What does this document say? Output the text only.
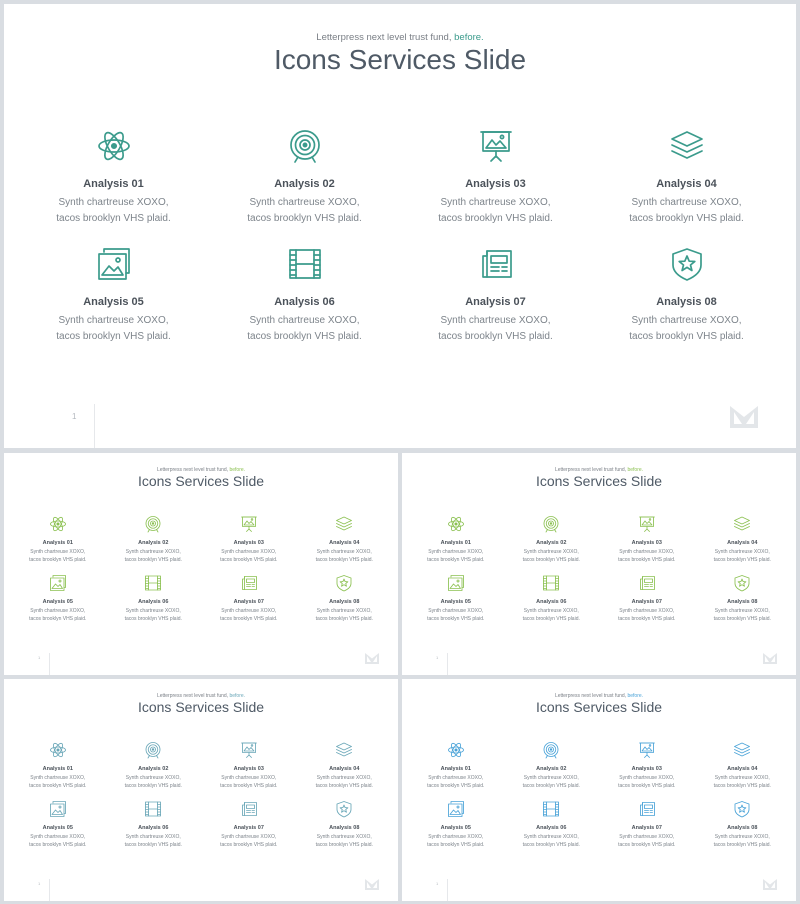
Letterpress next level trust fund, before.
Icons Services Slide
Analysis 01
Synth chartreuse XOXO,
tacos brooklyn VHS plaid.
Analysis 02
Synth chartreuse XOXO,
tacos brooklyn VHS plaid.
Analysis 03
Synth chartreuse XOXO,
tacos brooklyn VHS plaid.
Analysis 04
Synth chartreuse XOXO,
tacos brooklyn VHS plaid.
Analysis 05
Synth chartreuse XOXO,
tacos brooklyn VHS plaid.
Analysis 06
Synth chartreuse XOXO,
tacos brooklyn VHS plaid.
Analysis 07
Synth chartreuse XOXO,
tacos brooklyn VHS plaid.
Analysis 08
Synth chartreuse XOXO,
tacos brooklyn VHS plaid.
1
Letterpress next level trust fund, before.
Icons Services Slide
Analysis 01
Synth chartreuse XOXO,
tacos brooklyn VHS plaid.
Analysis 02
Synth chartreuse XOXO,
tacos brooklyn VHS plaid.
Analysis 03
Synth chartreuse XOXO,
tacos brooklyn VHS plaid.
Analysis 04
Synth chartreuse XOXO,
tacos brooklyn VHS plaid.
Analysis 05
Synth chartreuse XOXO,
tacos brooklyn VHS plaid.
Analysis 06
Synth chartreuse XOXO,
tacos brooklyn VHS plaid.
Analysis 07
Synth chartreuse XOXO,
tacos brooklyn VHS plaid.
Analysis 08
Synth chartreuse XOXO,
tacos brooklyn VHS plaid.
1
Letterpress next level trust fund, before.
Icons Services Slide
Analysis 01
Synth chartreuse XOXO,
tacos brooklyn VHS plaid.
Analysis 02
Synth chartreuse XOXO,
tacos brooklyn VHS plaid.
Analysis 03
Synth chartreuse XOXO,
tacos brooklyn VHS plaid.
Analysis 04
Synth chartreuse XOXO,
tacos brooklyn VHS plaid.
Analysis 05
Synth chartreuse XOXO,
tacos brooklyn VHS plaid.
Analysis 06
Synth chartreuse XOXO,
tacos brooklyn VHS plaid.
Analysis 07
Synth chartreuse XOXO,
tacos brooklyn VHS plaid.
Analysis 08
Synth chartreuse XOXO,
tacos brooklyn VHS plaid.
1
Letterpress next level trust fund, before.
Icons Services Slide
Analysis 01
Synth chartreuse XOXO,
tacos brooklyn VHS plaid.
Analysis 02
Synth chartreuse XOXO,
tacos brooklyn VHS plaid.
Analysis 03
Synth chartreuse XOXO,
tacos brooklyn VHS plaid.
Analysis 04
Synth chartreuse XOXO,
tacos brooklyn VHS plaid.
Analysis 05
Synth chartreuse XOXO,
tacos brooklyn VHS plaid.
Analysis 06
Synth chartreuse XOXO,
tacos brooklyn VHS plaid.
Analysis 07
Synth chartreuse XOXO,
tacos brooklyn VHS plaid.
Analysis 08
Synth chartreuse XOXO,
tacos brooklyn VHS plaid.
1
Letterpress next level trust fund, before.
Icons Services Slide
Analysis 01
Synth chartreuse XOXO,
tacos brooklyn VHS plaid.
Analysis 02
Synth chartreuse XOXO,
tacos brooklyn VHS plaid.
Analysis 03
Synth chartreuse XOXO,
tacos brooklyn VHS plaid.
Analysis 04
Synth chartreuse XOXO,
tacos brooklyn VHS plaid.
Analysis 05
Synth chartreuse XOXO,
tacos brooklyn VHS plaid.
Analysis 06
Synth chartreuse XOXO,
tacos brooklyn VHS plaid.
Analysis 07
Synth chartreuse XOXO,
tacos brooklyn VHS plaid.
Analysis 08
Synth chartreuse XOXO,
tacos brooklyn VHS plaid.
1
